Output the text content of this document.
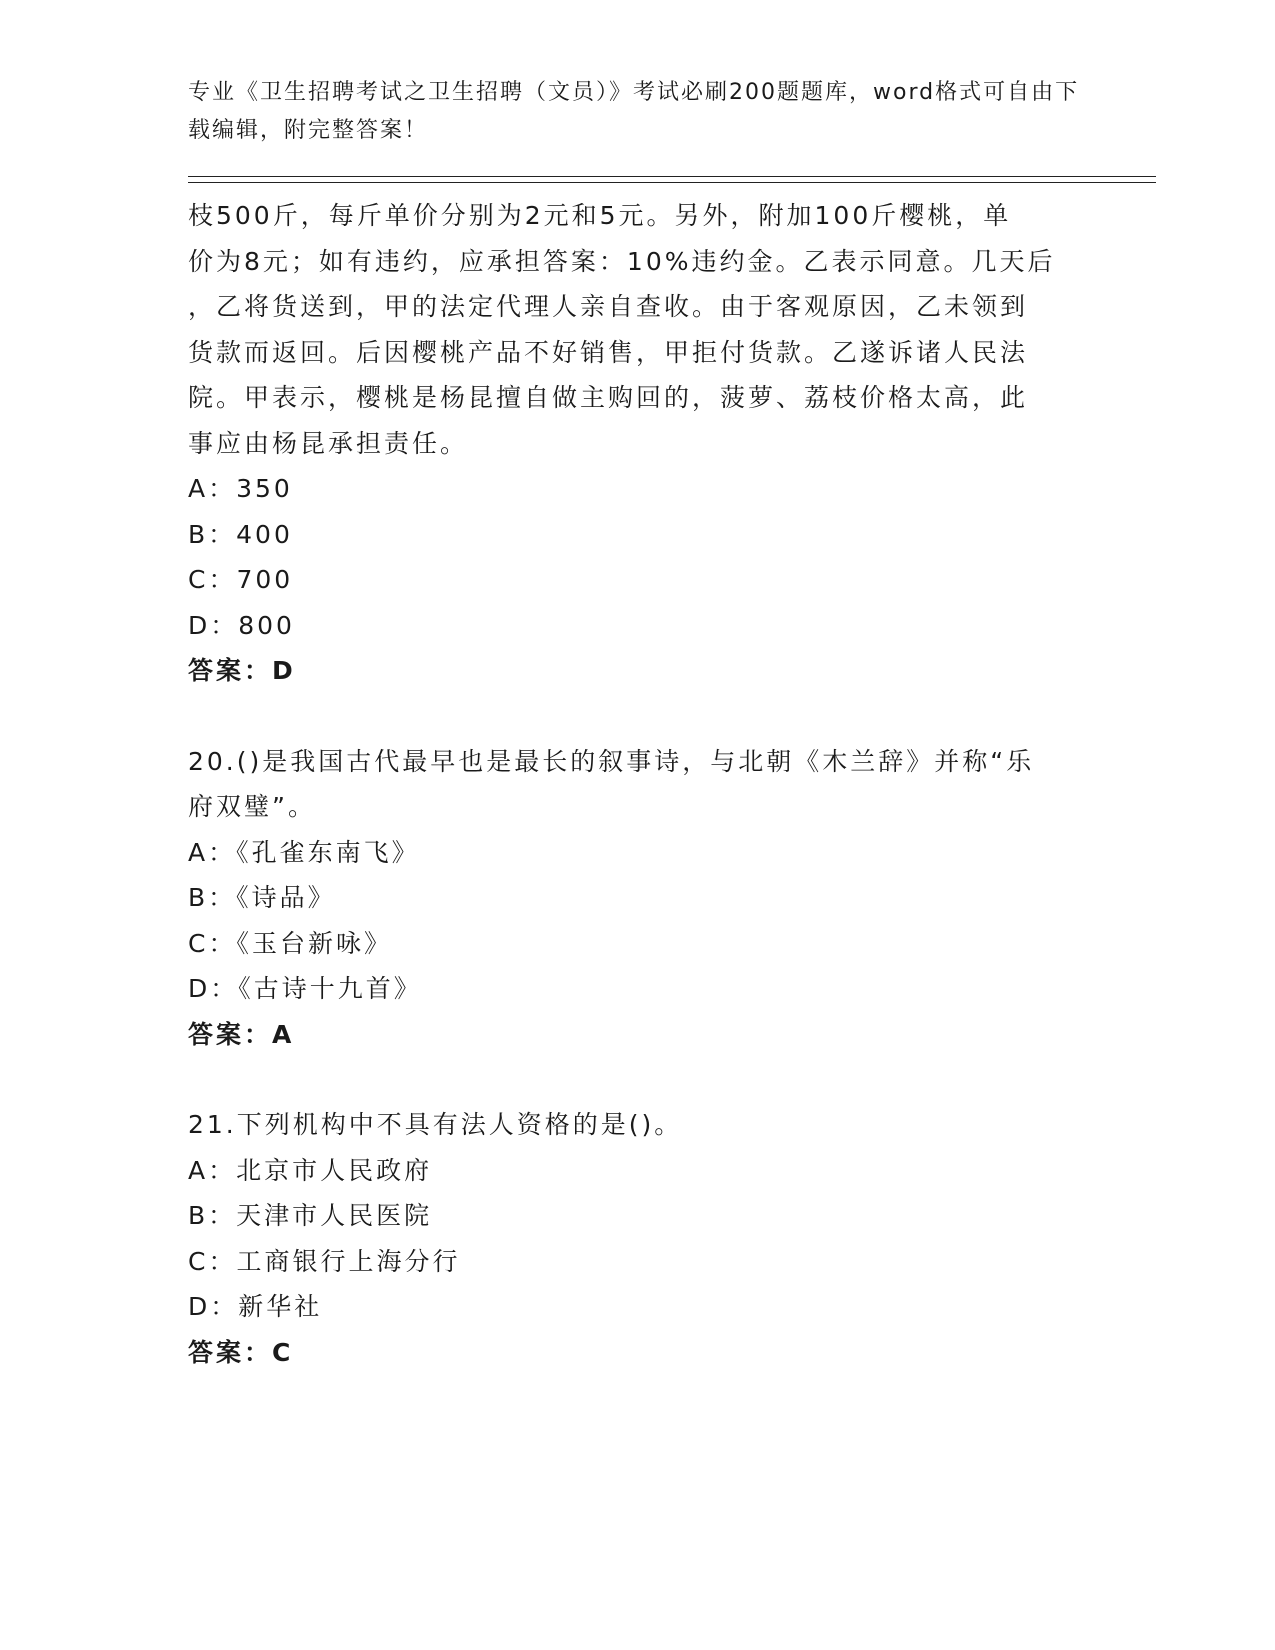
专业《卫生招聘考试之卫生招聘（文员）》考试必刷200题题库，word格式可自由下载编辑，附完整答案！

枝500斤，每斤单价分别为2元和5元。另外，附加100斤樱桃，单

价为8元；如有违约，应承担答案：10%违约金。乙表示同意。几天后

，乙将货送到，甲的法定代理人亲自查收。由于客观原因，乙未领到

货款而返回。后因樱桃产品不好销售，甲拒付货款。乙遂诉诸人民法

院。甲表示，樱桃是杨昆擅自做主购回的，菠萝、荔枝价格太高，此

事应由杨昆承担责任。

A：350

B：400

C：700

D：800

答案：D

20.()是我国古代最早也是最长的叙事诗，与北朝《木兰辞》并称“乐

府双璧”。

A：《孔雀东南飞》

B：《诗品》

C：《玉台新咏》

D：《古诗十九首》

答案：A

21.下列机构中不具有法人资格的是()。

A：北京市人民政府

B：天津市人民医院

C：工商银行上海分行

D：新华社

答案：C
